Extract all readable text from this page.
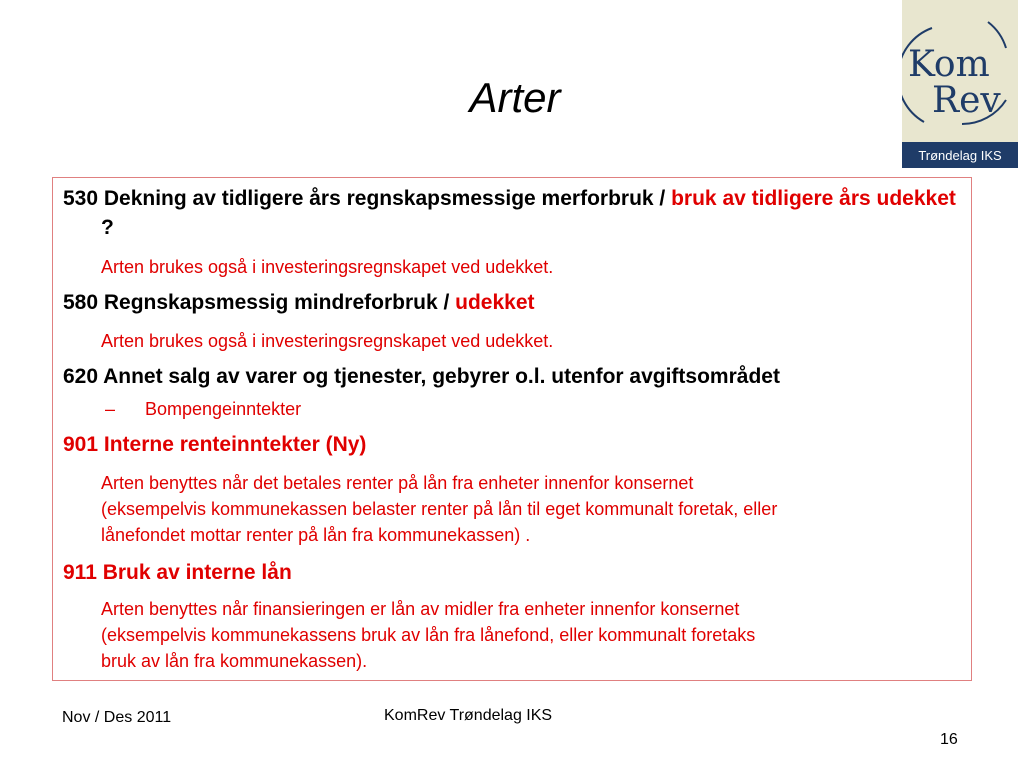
Arter
Kom
Rev
Trøndelag IKS
530 Dekning av tidligere års regnskapsmessige merforbruk / bruk av tidligere års udekket ?
Arten brukes også i investeringsregnskapet ved udekket.
580 Regnskapsmessig mindreforbruk / udekket
Arten brukes også i investeringsregnskapet ved udekket.
620 Annet salg av varer og tjenester, gebyrer o.l. utenfor avgiftsområdet
–	Bompengeinntekter
901 Interne renteinntekter (Ny)
Arten benyttes når det betales renter på lån fra enheter innenfor konsernet
(eksempelvis kommunekassen belaster renter på lån til eget kommunalt foretak, eller
lånefondet mottar renter på lån fra kommunekassen) .
911 Bruk av interne lån
Arten benyttes når finansieringen er lån av midler fra enheter innenfor konsernet
(eksempelvis kommunekassens bruk av lån fra lånefond, eller kommunalt foretaks
bruk av lån fra kommunekassen).
Nov / Des 2011	KomRev Trøndelag IKS
16
